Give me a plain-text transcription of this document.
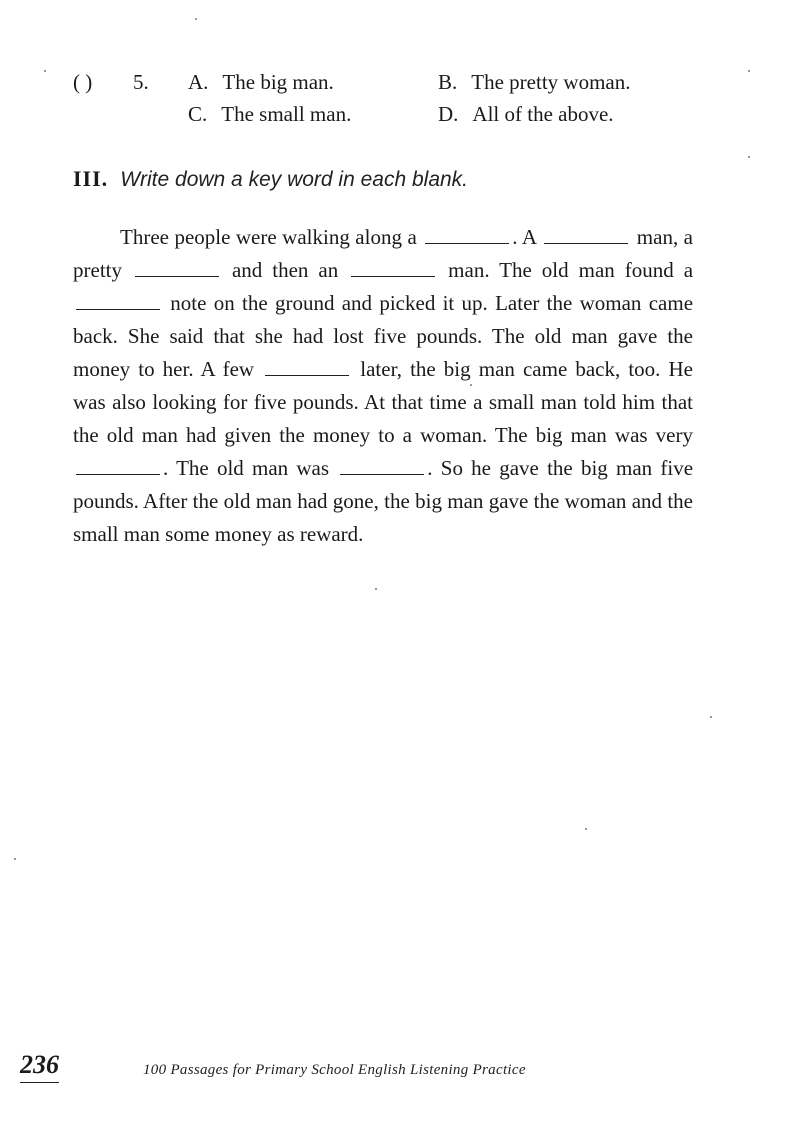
( ) 5. A. The big man.	B. The pretty woman.
C. The small man.	D. All of the above.
III. Write down a key word in each blank.
Three people were walking along a	. A	man, a pretty	and then an	man. The old man found a  note on the ground and picked it up. Later the woman came back. She said that she had lost five pounds. The old man gave the money to her. A few	later, the big man came back, too. He was also looking for five pounds. At that time a small man told him that the old man had given the money to a woman. The big man was very . The old man was	. So he gave the big man five pounds. After the old man had gone, the big man gave the woman and the small man some money as reward.
236	100 Passages for Primary School English Listening Practice
